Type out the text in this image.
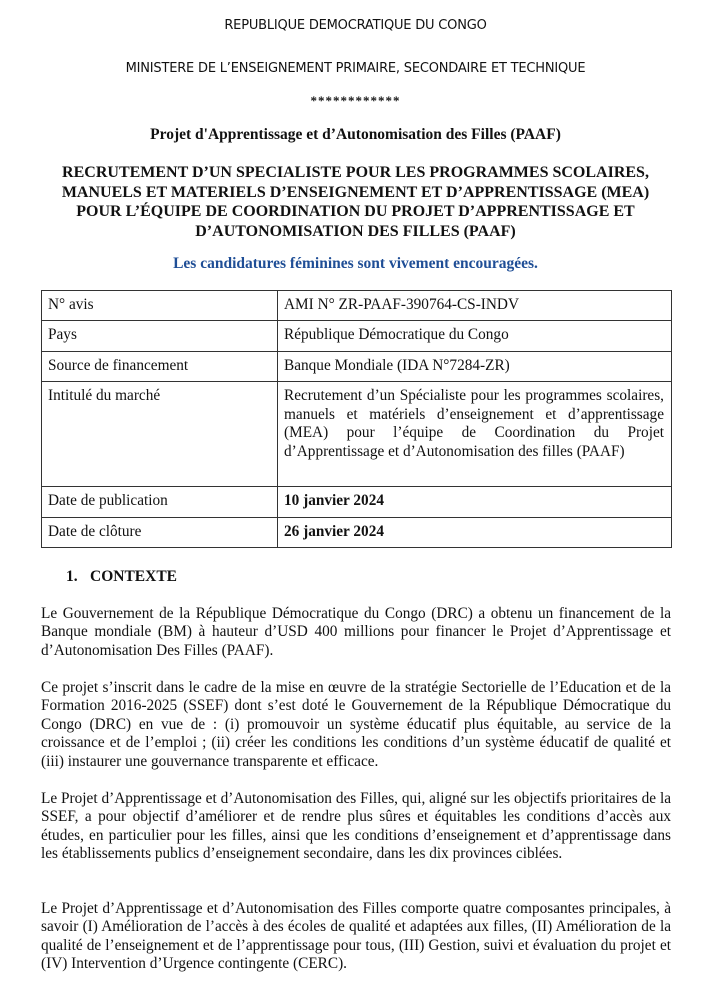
REPUBLIQUE DEMOCRATIQUE DU CONGO
MINISTERE DE L’ENSEIGNEMENT PRIMAIRE, SECONDAIRE ET TECHNIQUE
************
Projet d'Apprentissage et d’Autonomisation des Filles (PAAF)
RECRUTEMENT D’UN SPECIALISTE POUR LES PROGRAMMES SCOLAIRES,
MANUELS ET MATERIELS D’ENSEIGNEMENT ET D’APPRENTISSAGE (MEA)
POUR L’ÉQUIPE DE COORDINATION DU PROJET D’APPRENTISSAGE ET
D’AUTONOMISATION DES FILLES (PAAF)
Les candidatures féminines sont vivement encouragées.
N° avis	AMI N° ZR-PAAF-390764-CS-INDV
Pays	République Démocratique du Congo
Source de financement	Banque Mondiale (IDA N°7284-ZR)
Intitulé du marché	Recrutement d’un Spécialiste pour les programmes scolaires, manuels et matériels d’enseignement et d’apprentissage (MEA) pour l’équipe de Coordination du Projet d’Apprentissage et d’Autonomisation des filles (PAAF)
Date de publication	10 janvier 2024
Date de clôture	26 janvier 2024
1. CONTEXTE
Le Gouvernement de la République Démocratique du Congo (DRC) a obtenu un financement de la Banque mondiale (BM) à hauteur d’USD 400 millions pour financer le Projet d’Apprentissage et d’Autonomisation Des Filles (PAAF).
Ce projet s’inscrit dans le cadre de la mise en œuvre de la stratégie Sectorielle de l’Education et de la Formation 2016-2025 (SSEF) dont s’est doté le Gouvernement de la République Démocratique du Congo (DRC) en vue de : (i) promouvoir un système éducatif plus équitable, au service de la croissance et de l’emploi ; (ii) créer les conditions les conditions d’un système éducatif de qualité et (iii) instaurer une gouvernance transparente et efficace.
Le Projet d’Apprentissage et d’Autonomisation des Filles, qui, aligné sur les objectifs prioritaires de la SSEF, a pour objectif d’améliorer et de rendre plus sûres et équitables les conditions d’accès aux études, en particulier pour les filles, ainsi que les conditions d’enseignement et d’apprentissage dans les établissements publics d’enseignement secondaire, dans les dix provinces ciblées.
Le Projet d’Apprentissage et d’Autonomisation des Filles comporte quatre composantes principales, à savoir (I) Amélioration de l’accès à des écoles de qualité et adaptées aux filles, (II) Amélioration de la qualité de l’enseignement et de l’apprentissage pour tous, (III) Gestion, suivi et évaluation du projet et (IV) Intervention d’Urgence contingente (CERC).
